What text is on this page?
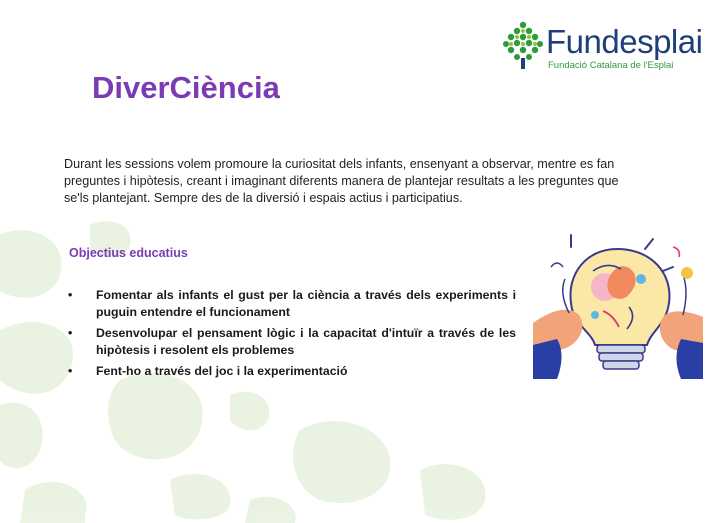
Fundesplai
Fundació Catalana de l'Esplai
DiverCiència
Durant les sessions volem promoure la curiositat dels infants, ensenyant a observar, mentre es fan preguntes i hipòtesis, creant i imaginant diferents manera de plantejar resultats a les preguntes que se'ls plantejant. Sempre des de la diversió i espais actius i participatius.
contrar l
Objectius educatius
• Fomentar als infants el gust per la ciència a través dels experiments i puguin entendre el funcionament
• Desenvolupar el pensament lògic i la capacitat d'intuïr a través de les hipòtesis i resolent els problemes
• Fent-ho a través del joc i la experimentació
